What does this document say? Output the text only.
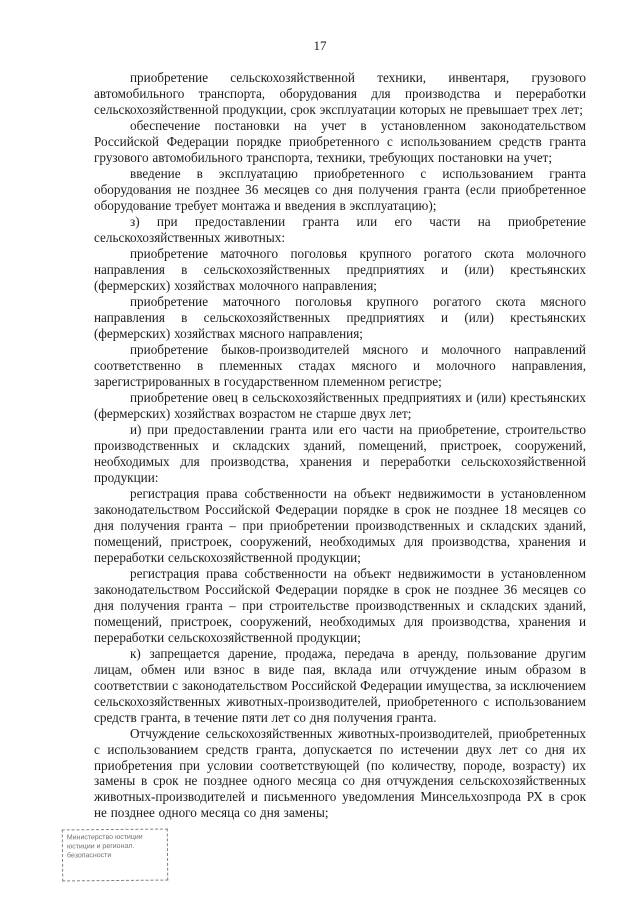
17

приобретение сельскохозяйственной техники, инвентаря, грузового автомобильного транспорта, оборудования для производства и переработки сельскохозяйственной продукции, срок эксплуатации которых не превышает трех лет;

обеспечение постановки на учет в установленном законодательством Российской Федерации порядке приобретенного с использованием средств гранта грузового автомобильного транспорта, техники, требующих постановки на учет;

введение в эксплуатацию приобретенного с использованием гранта оборудования не позднее 36 месяцев со дня получения гранта (если приобретенное оборудование требует монтажа и введения в эксплуатацию);

з) при предоставлении гранта или его части на приобретение сельскохозяйственных животных:

приобретение маточного поголовья крупного рогатого скота молочного направления в сельскохозяйственных предприятиях и (или) крестьянских (фермерских) хозяйствах молочного направления;

приобретение маточного поголовья крупного рогатого скота мясного направления в сельскохозяйственных предприятиях и (или) крестьянских (фермерских) хозяйствах мясного направления;

приобретение быков-производителей мясного и молочного направлений соответственно в племенных стадах мясного и молочного направления, зарегистрированных в государственном племенном регистре;

приобретение овец в сельскохозяйственных предприятиях и (или) крестьянских (фермерских) хозяйствах возрастом не старше двух лет;

и) при предоставлении гранта или его части на приобретение, строительство производственных и складских зданий, помещений, пристроек, сооружений, необходимых для производства, хранения и переработки сельскохозяйственной продукции:

регистрация права собственности на объект недвижимости в установленном законодательством Российской Федерации порядке в срок не позднее 18 месяцев со дня получения гранта – при приобретении производственных и складских зданий, помещений, пристроек, сооружений, необходимых для производства, хранения и переработки сельскохозяйственной продукции;

регистрация права собственности на объект недвижимости в установленном законодательством Российской Федерации порядке в срок не позднее 36 месяцев со дня получения гранта – при строительстве производственных и складских зданий, помещений, пристроек, сооружений, необходимых для производства, хранения и переработки сельскохозяйственной продукции;

к) запрещается дарение, продажа, передача в аренду, пользование другим лицам, обмен или взнос в виде пая, вклада или отчуждение иным образом в соответствии с законодательством Российской Федерации имущества, за исключением сельскохозяйственных животных-производителей, приобретенного с использованием средств гранта, в течение пяти лет со дня получения гранта.

Отчуждение сельскохозяйственных животных-производителей, приобретенных с использованием средств гранта, допускается по истечении двух лет со дня их приобретения при условии соответствующей (по количеству, породе, возрасту) их замены в срок не позднее одного месяца со дня отчуждения сельскохозяйственных животных-производителей и письменного уведомления Минсельхозпрода РХ в срок не позднее одного месяца со дня замены;

Министерство юстиции
юстиции и регионал.
безопасности
